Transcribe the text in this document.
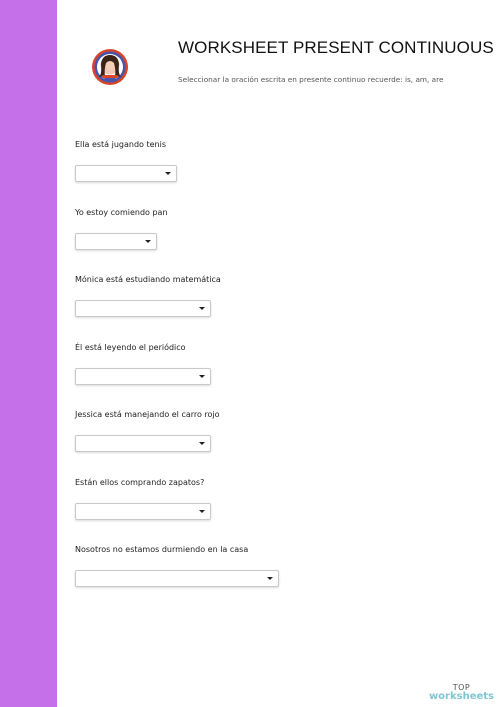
WORKSHEET PRESENT CONTINUOUS

Seleccionar la oración escrita en presente continuo recuerde: is, am, are

Ella está jugando tenis
Yo estoy comiendo pan
Mónica está estudiando matemática
Él está leyendo el periódico
Jessica está manejando el carro rojo
Están ellos comprando zapatos?
Nosotros no estamos durmiendo en la casa
TOP
worksheets
